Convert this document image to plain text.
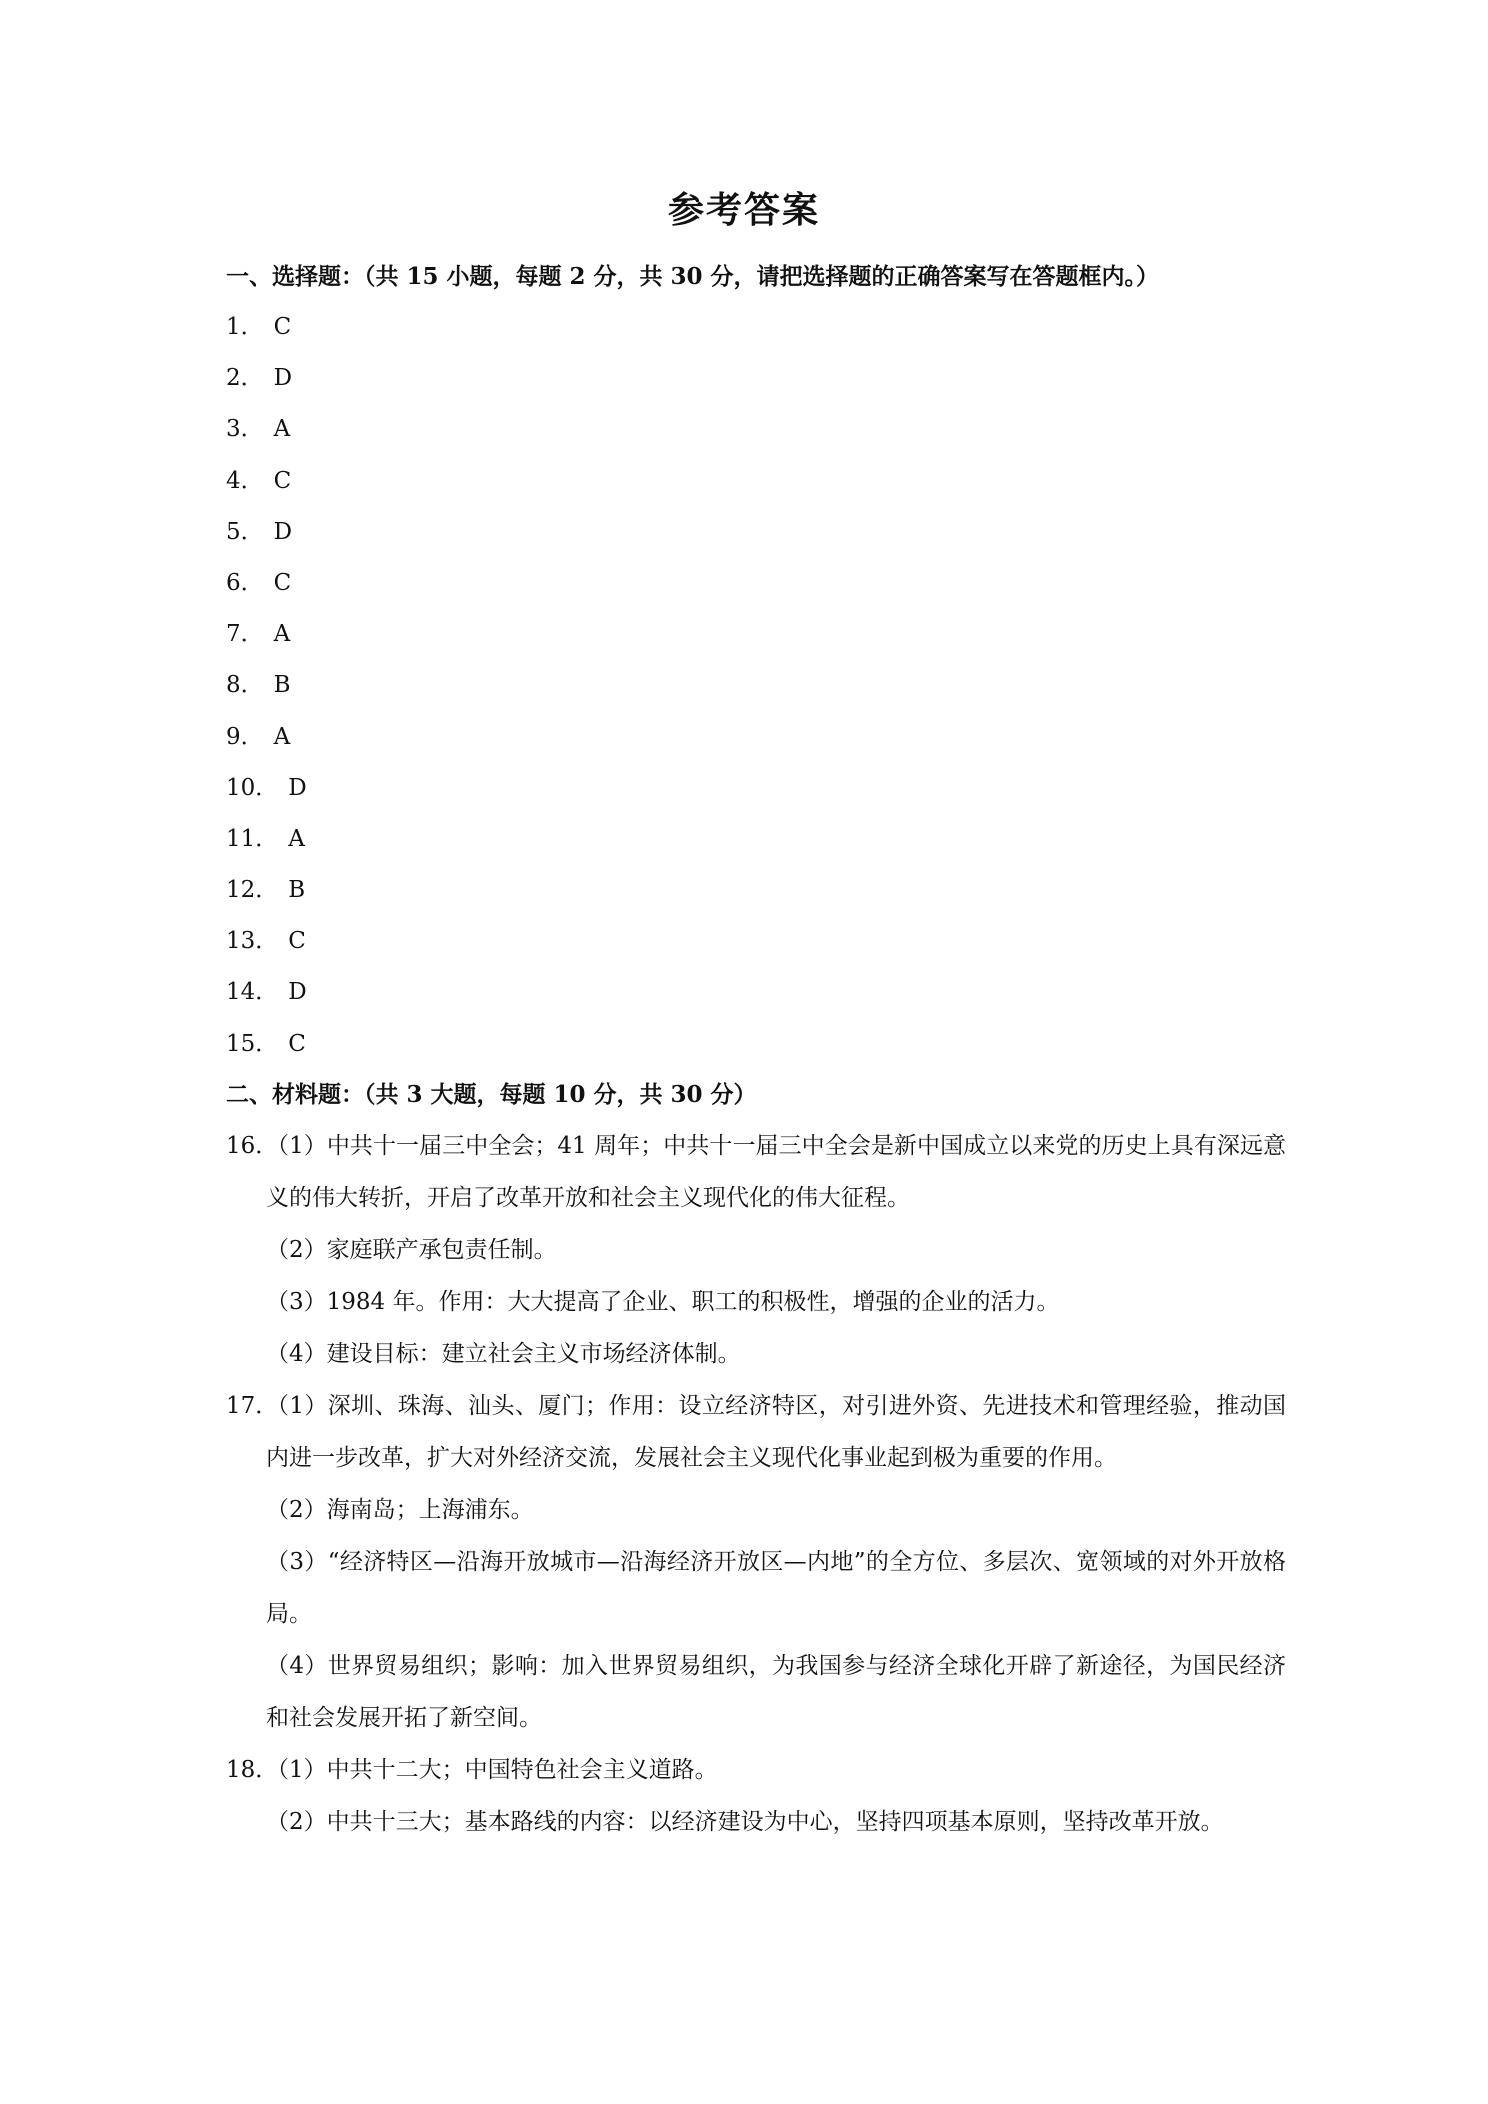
参考答案
一、选择题：（共 15 小题，每题 2 分，共 30 分，请把选择题的正确答案写在答题框内。）
1． C
2． D
3． A
4． C
5． D
6． C
7． A
8． B
9． A
10． D
11． A
12． B
13． C
14． D
15． C
二、材料题：（共 3 大题，每题 10 分，共 30 分）
16．
（1）中共十一届三中全会；41 周年；中共十一届三中全会是新中国成立以来党的历史上具有深远意义的伟大转折，开启了改革开放和社会主义现代化的伟大征程。
（2）家庭联产承包责任制。
（3）1984 年。作用：大大提高了企业、职工的积极性，增强的企业的活力。
（4）建设目标：建立社会主义市场经济体制。
17．
（1）深圳、珠海、汕头、厦门；作用：设立经济特区，对引进外资、先进技术和管理经验，推动国内进一步改革，扩大对外经济交流，发展社会主义现代化事业起到极为重要的作用。
（2）海南岛；上海浦东。
（3）“经济特区—沿海开放城市—沿海经济开放区—内地”的全方位、多层次、宽领域的对外开放格局。
（4）世界贸易组织；影响：加入世界贸易组织，为我国参与经济全球化开辟了新途径，为国民经济和社会发展开拓了新空间。
18．
（1）中共十二大；中国特色社会主义道路。
（2）中共十三大；基本路线的内容：以经济建设为中心，坚持四项基本原则，坚持改革开放。
